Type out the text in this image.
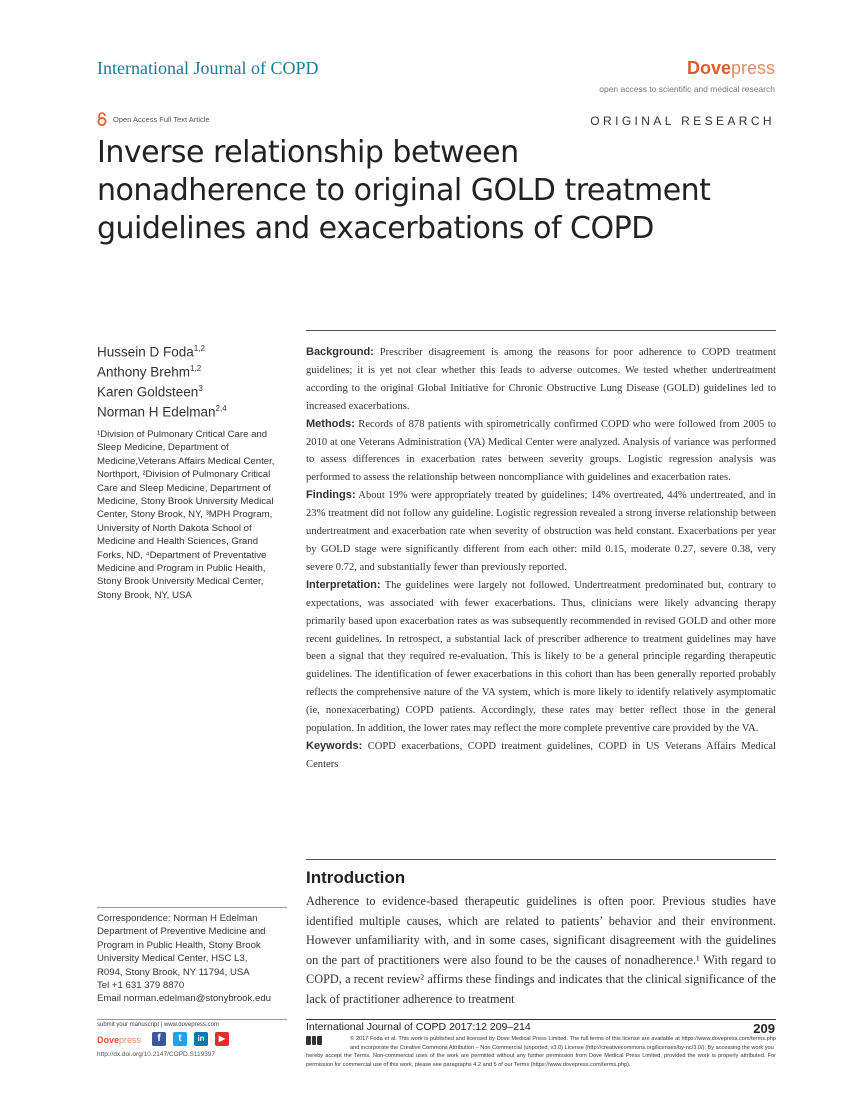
International Journal of COPD	Dovepress
open access to scientific and medical research
Open Access Full Text Article	ORIGINAL RESEARCH
Inverse relationship between nonadherence to original GOLD treatment guidelines and exacerbations of COPD
Hussein D Foda$^{1,2}$
Anthony Brehm$^{1,2}$
Karen Goldsteen$^3$
Norman H Edelman$^{2,4}$
¹Division of Pulmonary Critical Care and Sleep Medicine, Department of Medicine,Veterans Affairs Medical Center, Northport, ²Division of Pulmonary Critical Care and Sleep Medicine, Department of Medicine, Stony Brook University Medical Center, Stony Brook, NY, ³MPH Program, University of North Dakota School of Medicine and Health Sciences, Grand Forks, ND, ⁴Department of Preventative Medicine and Program in Public Health, Stony Brook University Medical Center, Stony Brook, NY, USA
Correspondence: Norman H Edelman
Department of Preventive Medicine and
Program in Public Health, Stony Brook
University Medical Center, HSC L3,
R094, Stony Brook, NY 11794, USA
Tel +1 631 379 8870
Email norman.edelman@stonybrook.edu

Background: Prescriber disagreement is among the reasons for poor adherence to COPD treatment guidelines; it is yet not clear whether this leads to adverse outcomes. We tested whether undertreatment according to the original Global Initiative for Chronic Obstructive Lung Disease (GOLD) guidelines led to increased exacerbations.

Methods: Records of 878 patients with spirometrically confirmed COPD who were followed from 2005 to 2010 at one Veterans Administration (VA) Medical Center were analyzed. Analysis of variance was performed to assess differences in exacerbation rates between severity groups. Logistic regression analysis was performed to assess the relationship between noncompliance with guidelines and exacerbation rates.

Findings: About 19% were appropriately treated by guidelines; 14% overtreated, 44% undertreated, and in 23% treatment did not follow any guideline. Logistic regression revealed a strong inverse relationship between undertreatment and exacerbation rate when severity of obstruction was held constant. Exacerbations per year by GOLD stage were significantly different from each other: mild 0.15, moderate 0.27, severe 0.38, very severe 0.72, and substantially fewer than previously reported.

Interpretation: The guidelines were largely not followed. Undertreatment predominated but, contrary to expectations, was associated with fewer exacerbations. Thus, clinicians were likely advancing therapy primarily based upon exacerbation rates as was subsequently recommended in revised GOLD and other more recent guidelines. In retrospect, a substantial lack of prescriber adherence to treatment guidelines may have been a signal that they required re-evaluation. This is likely to be a general principle regarding therapeutic guidelines. The identification of fewer exacerbations in this cohort than has been generally reported probably reflects the comprehensive nature of the VA system, which is more likely to identify relatively asymptomatic (ie, nonexacerbating) COPD patients. Accordingly, these rates may better reflect those in the general population. In addition, the lower rates may reflect the more complete preventive care provided by the VA.

Keywords: COPD exacerbations, COPD treatment guidelines, COPD in US Veterans Affairs Medical Centers

Introduction

Adherence to evidence-based therapeutic guidelines is often poor. Previous studies have identified multiple causes, which are related to patients’ behavior and their environment. However unfamiliarity with, and in some cases, significant disagreement with the guidelines on the part of practitioners were also found to be the causes of nonadherence.¹ With regard to COPD, a recent review² affirms these findings and indicates that the clinical significance of the lack of practitioner adherence to treatment

submit your manuscript | www.dovepress.com
Dovepress	f	t	in	▶
http://dx.doi.org/10.2147/COPD.S119397
International Journal of COPD 2017:12 209–214	209
© 2017 Foda et al. This work is published and licensed by Dove Medical Press Limited. The full terms of this license are available at https://www.dovepress.com/terms.php and incorporate the Creative Commons Attribution – Non Commercial (unported, v3.0) License (http://creativecommons.org/licenses/by-nc/3.0/). By accessing the work you
hereby accept the Terms. Non-commercial uses of the work are permitted without any further permission from Dove Medical Press Limited, provided the work is properly attributed. For permission for commercial use of this work, please see paragraphs 4.2 and 5 of our Terms (https://www.dovepress.com/terms.php).
